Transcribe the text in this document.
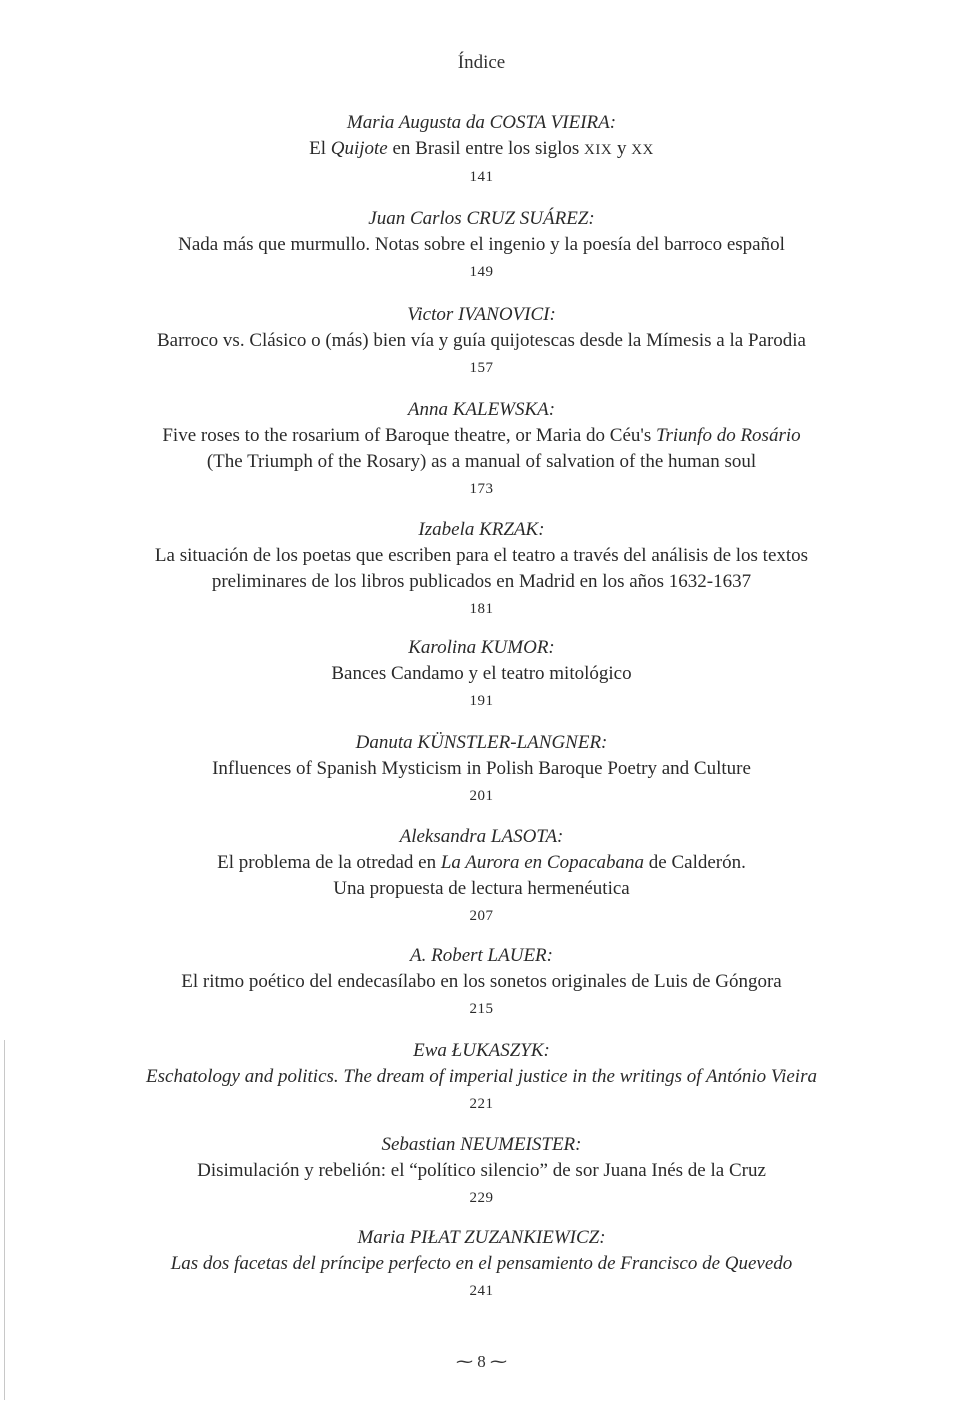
Índice
Maria Augusta da COSTA VIEIRA:
El Quijote en Brasil entre los siglos XIX y XX
141
Juan Carlos CRUZ SUÁREZ:
Nada más que murmullo. Notas sobre el ingenio y la poesía del barroco español
149
Victor IVANOVICI:
Barroco vs. Clásico o (más) bien vía y guía quijotescas desde la Mímesis a la Parodia
157
Anna KALEWSKA:
Five roses to the rosarium of Baroque theatre, or Maria do Céu's Triunfo do Rosário
(The Triumph of the Rosary) as a manual of salvation of the human soul
173
Izabela KRZAK:
La situación de los poetas que escriben para el teatro a través del análisis de los textos
preliminares de los libros publicados en Madrid en los años 1632-1637
181
Karolina KUMOR:
Bances Candamo y el teatro mitológico
191
Danuta KÜNSTLER-LANGNER:
Influences of Spanish Mysticism in Polish Baroque Poetry and Culture
201
Aleksandra LASOTA:
El problema de la otredad en La Aurora en Copacabana de Calderón.
Una propuesta de lectura hermenéutica
207
A. Robert LAUER:
El ritmo poético del endecasílabo en los sonetos originales de Luis de Góngora
215
Ewa ŁUKASZYK:
Eschatology and politics. The dream of imperial justice in the writings of António Vieira
221
Sebastian NEUMEISTER:
Disimulación y rebelión: el “político silencio” de sor Juana Inés de la Cruz
229
Maria PIŁAT ZUZANKIEWICZ:
Las dos facetas del príncipe perfecto en el pensamiento de Francisco de Quevedo
241
⁓ 8 ⁓
